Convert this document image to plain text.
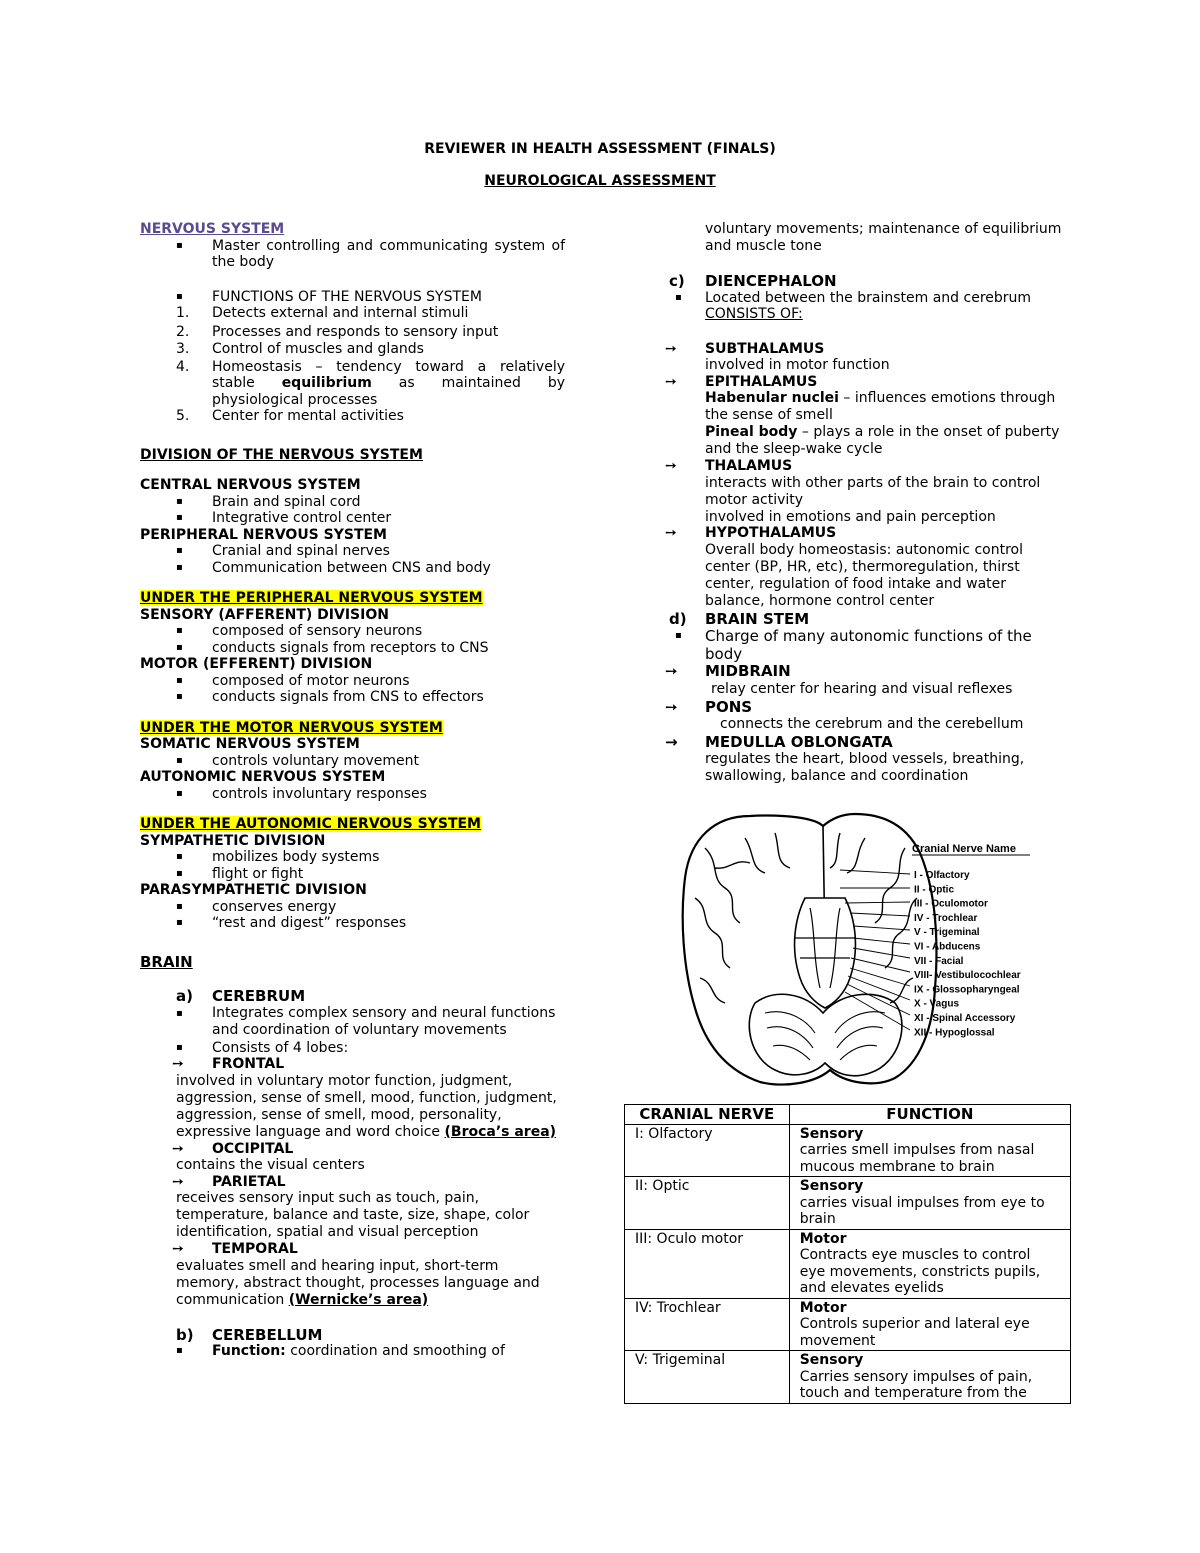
REVIEWER IN HEALTH ASSESSMENT (FINALS)
NEUROLOGICAL ASSESSMENT
NERVOUS SYSTEM
▪ Master controlling and communicating system of the body
▪ FUNCTIONS OF THE NERVOUS SYSTEM
1. Detects external and internal stimuli
2. Processes and responds to sensory input
3. Control of muscles and glands
4. Homeostasis – tendency toward a relatively stable equilibrium as maintained by physiological processes
5. Center for mental activities
DIVISION OF THE NERVOUS SYSTEM
CENTRAL NERVOUS SYSTEM
▪ Brain and spinal cord
▪ Integrative control center
PERIPHERAL NERVOUS SYSTEM
▪ Cranial and spinal nerves
▪ Communication between CNS and body
UNDER THE PERIPHERAL NERVOUS SYSTEM
SENSORY (AFFERENT) DIVISION
▪ composed of sensory neurons
▪ conducts signals from receptors to CNS
MOTOR (EFFERENT) DIVISION
▪ composed of motor neurons
▪ conducts signals from CNS to effectors
UNDER THE MOTOR NERVOUS SYSTEM
SOMATIC NERVOUS SYSTEM
▪ controls voluntary movement
AUTONOMIC NERVOUS SYSTEM
▪ controls involuntary responses
UNDER THE AUTONOMIC NERVOUS SYSTEM
SYMPATHETIC DIVISION
▪ mobilizes body systems
▪ flight or fight
PARASYMPATHETIC DIVISION
▪ conserves energy
▪ “rest and digest” responses
BRAIN
a) CEREBRUM
▪ Integrates complex sensory and neural functions and coordination of voluntary movements
▪ Consists of 4 lobes:
➙ FRONTAL
involved in voluntary motor function, judgment, aggression, sense of smell, mood, function, judgment, aggression, sense of smell, mood, personality, expressive language and word choice (Broca’s area)
➙ OCCIPITAL
contains the visual centers
➙ PARIETAL
receives sensory input such as touch, pain, temperature, balance and taste, size, shape, color identification, spatial and visual perception
➙ TEMPORAL
evaluates smell and hearing input, short-term memory, abstract thought, processes language and communication (Wernicke’s area)
b) CEREBELLUM
▪ Function: coordination and smoothing of
voluntary movements; maintenance of equilibrium and muscle tone
c) DIENCEPHALON
▪ Located between the brainstem and cerebrum
CONSISTS OF:
➙ SUBTHALAMUS
involved in motor function
➙ EPITHALAMUS
Habenular nuclei – influences emotions through the sense of smell
Pineal body – plays a role in the onset of puberty and the sleep-wake cycle
➙ THALAMUS
interacts with other parts of the brain to control motor activity
involved in emotions and pain perception
➙ HYPOTHALAMUS
Overall body homeostasis: autonomic control center (BP, HR, etc), thermoregulation, thirst center, regulation of food intake and water balance, hormone control center
d) BRAIN STEM
▪ Charge of many autonomic functions of the body
➙ MIDBRAIN
relay center for hearing and visual reflexes
➙ PONS
connects the cerebrum and the cerebellum
→ MEDULLA OBLONGATA
regulates the heart, blood vessels, breathing, swallowing, balance and coordination
Cranial Nerve Name
I - Olfactory
II - Optic
III - Oculomotor
IV - Trochlear
V - Trigeminal
VI - Abducens
VII - Facial
VIII- Vestibulocochlear
IX - Glossopharyngeal
X - Vagus
XI - Spinal Accessory
XII - Hypoglossal
CRANIAL NERVE	FUNCTION
I: Olfactory	Sensory
carries smell impulses from nasal mucous membrane to brain

II: Optic	Sensory
carries visual impulses from eye to brain

III: Oculo motor	Motor
Contracts eye muscles to control eye movements, constricts pupils, and elevates eyelids

IV: Trochlear	Motor
Controls superior and lateral eye movement

V: Trigeminal	Sensory
Carries sensory impulses of pain, touch and temperature from the
